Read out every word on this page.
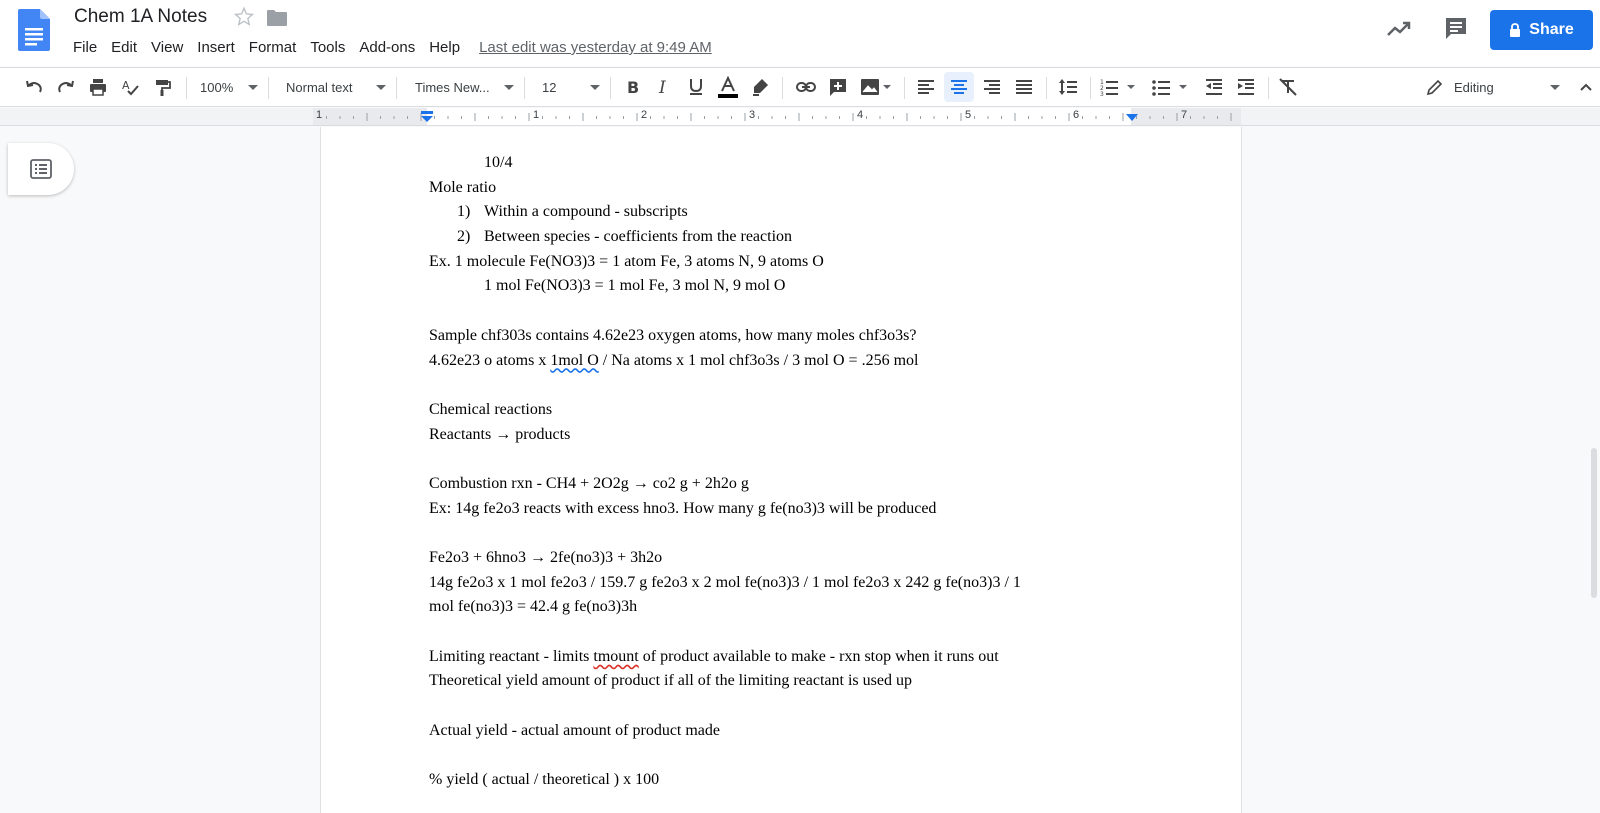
Chem 1A Notes
File Edit View Insert Format Tools Add-ons Help	Last edit was yesterday at 9:49 AM
Share
A	100%	Normal text	Times New...	12	B I	1
2
3	Editing
1	1	2	3	4	5	6	7
10/4
Mole ratio
1) Within a compound - subscripts
2) Between species - coefficients from the reaction
Ex. 1 molecule Fe(NO3)3 = 1 atom Fe, 3 atoms N, 9 atoms O
1 mol Fe(NO3)3 = 1 mol Fe, 3 mol N, 9 mol O
Sample chf303s contains 4.62e23 oxygen atoms, how many moles chf3o3s?
4.62e23 o atoms x 1mol O / Na atoms x 1 mol chf3o3s / 3 mol O = .256 mol
Chemical reactions
Reactants → products
Combustion rxn - CH4 + 2O2g → co2 g + 2h2o g
Ex: 14g fe2o3 reacts with excess hno3. How many g fe(no3)3 will be produced
Fe2o3 + 6hno3 → 2fe(no3)3 + 3h2o
14g fe2o3 x 1 mol fe2o3 / 159.7 g fe2o3 x 2 mol fe(no3)3 / 1 mol fe2o3 x 242 g fe(no3)3 / 1
mol fe(no3)3 = 42.4 g fe(no3)3h
Limiting reactant - limits tmount of product available to make - rxn stop when it runs out
Theoretical yield amount of product if all of the limiting reactant is used up
Actual yield - actual amount of product made
% yield ( actual / theoretical ) x 100
